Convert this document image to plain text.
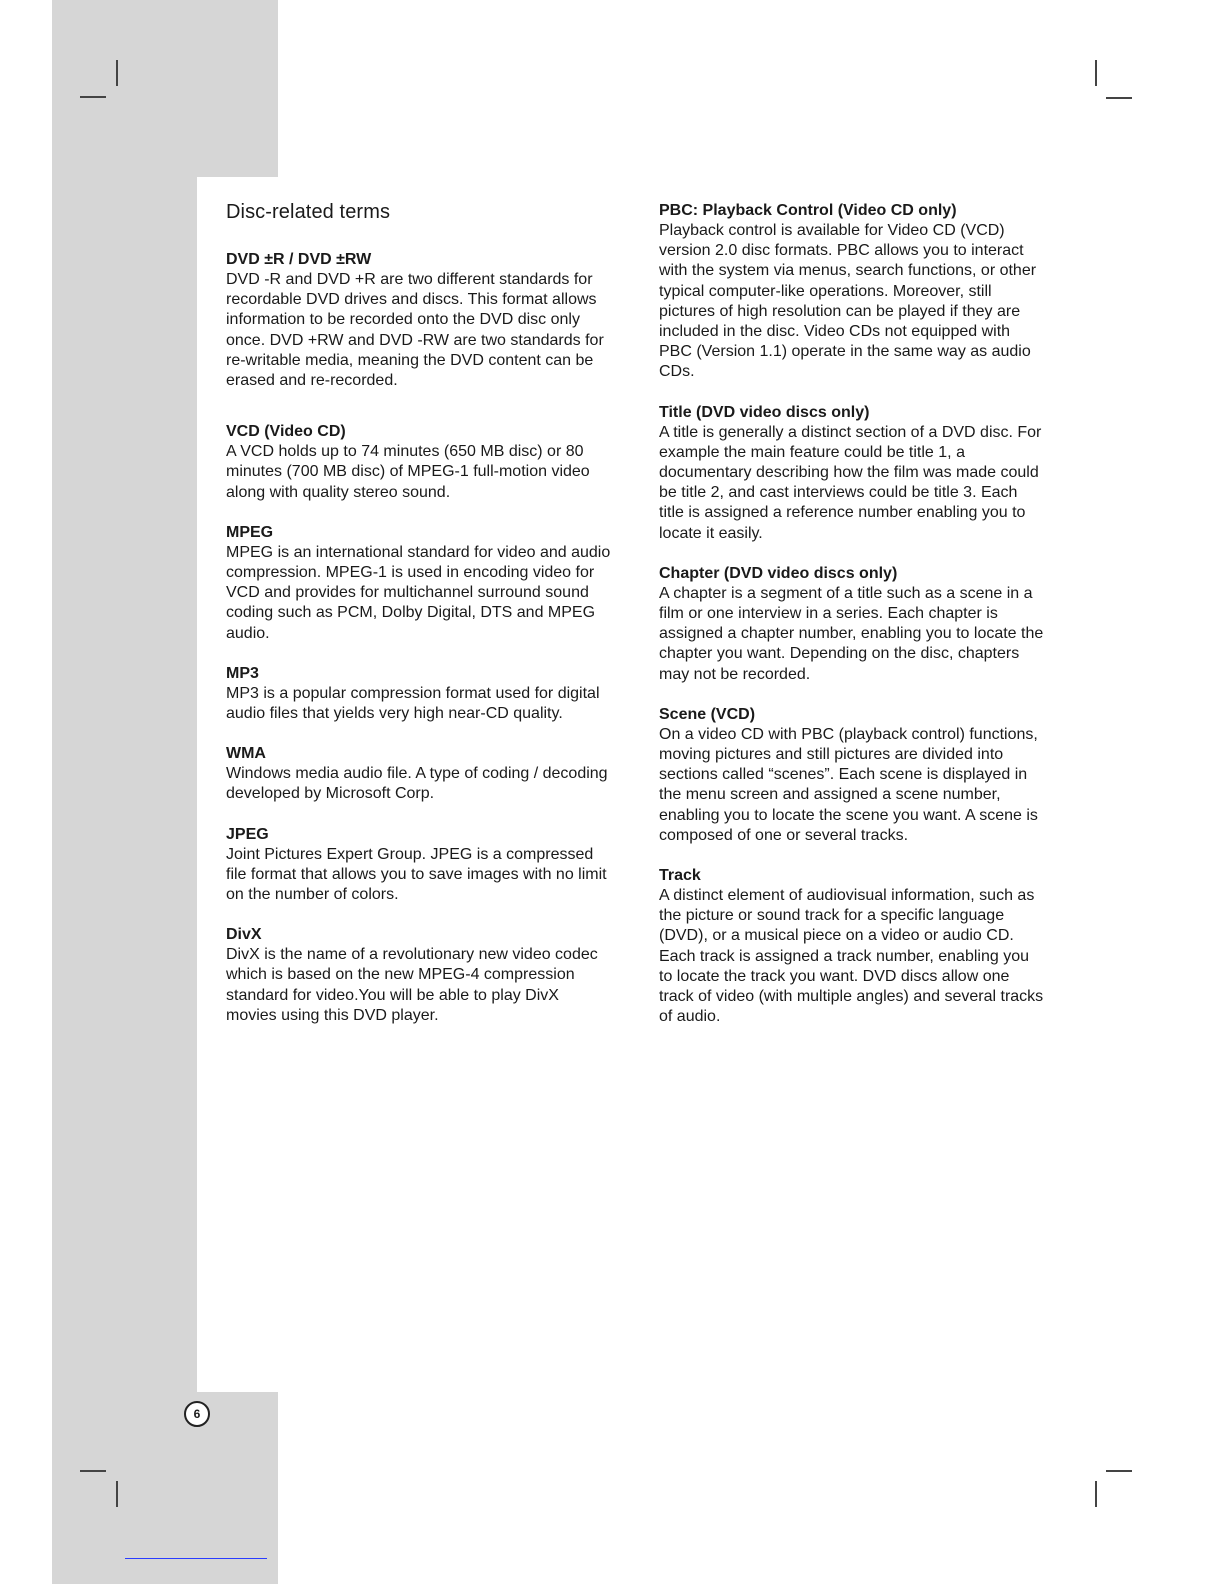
Disc-related terms
DVD ±R / DVD ±RW

DVD -R and DVD +R are two different standards for

recordable DVD drives and discs. This format allows

information to be recorded onto the DVD disc only

once. DVD +RW and DVD -RW are two standards for

re-writable media, meaning the DVD content can be

erased and re-recorded.

VCD (Video CD)

A VCD holds up to 74 minutes (650 MB disc) or 80

minutes (700 MB disc) of MPEG-1 full-motion video

along with quality stereo sound.

MPEG

MPEG is an international standard for video and audio

compression. MPEG-1 is used in encoding video for

VCD and provides for multichannel surround sound

coding such as PCM, Dolby Digital, DTS and MPEG

audio.

MP3

MP3 is a popular compression format used for digital

audio files that yields very high near-CD quality.

WMA

Windows media audio file. A type of coding / decoding

developed by Microsoft Corp.

JPEG

Joint Pictures Expert Group. JPEG is a compressed

file format that allows you to save images with no limit

on the number of colors.

DivX

DivX is the name of a revolutionary new video codec

which is based on the new MPEG-4 compression

standard for video.You will be able to play DivX

movies using this DVD player.

PBC: Playback Control (Video CD only)

Playback control is available for Video CD (VCD)

version 2.0 disc formats. PBC allows you to interact

with the system via menus, search functions, or other

typical computer-like operations. Moreover, still

pictures of high resolution can be played if they are

included in the disc. Video CDs not equipped with

PBC (Version 1.1) operate in the same way as audio

CDs.

Title (DVD video discs only)

A title is generally a distinct section of a DVD disc. For

example the main feature could be title 1, a

documentary describing how the film was made could

be title 2, and cast interviews could be title 3. Each

title is assigned a reference number enabling you to

locate it easily.

Chapter (DVD video discs only)

A chapter is a segment of a title such as a scene in a

film or one interview in a series. Each chapter is

assigned a chapter number, enabling you to locate the

chapter you want. Depending on the disc, chapters

may not be recorded.

Scene (VCD)

On a video CD with PBC (playback control) functions,

moving pictures and still pictures are divided into

sections called “scenes”. Each scene is displayed in

the menu screen and assigned a scene number,

enabling you to locate the scene you want. A scene is

composed of one or several tracks.

Track

A distinct element of audiovisual information, such as

the picture or sound track for a specific language

(DVD), or a musical piece on a video or audio CD.

Each track is assigned a track number, enabling you

to locate the track you want. DVD discs allow one

track of video (with multiple angles) and several tracks

of audio.

6
